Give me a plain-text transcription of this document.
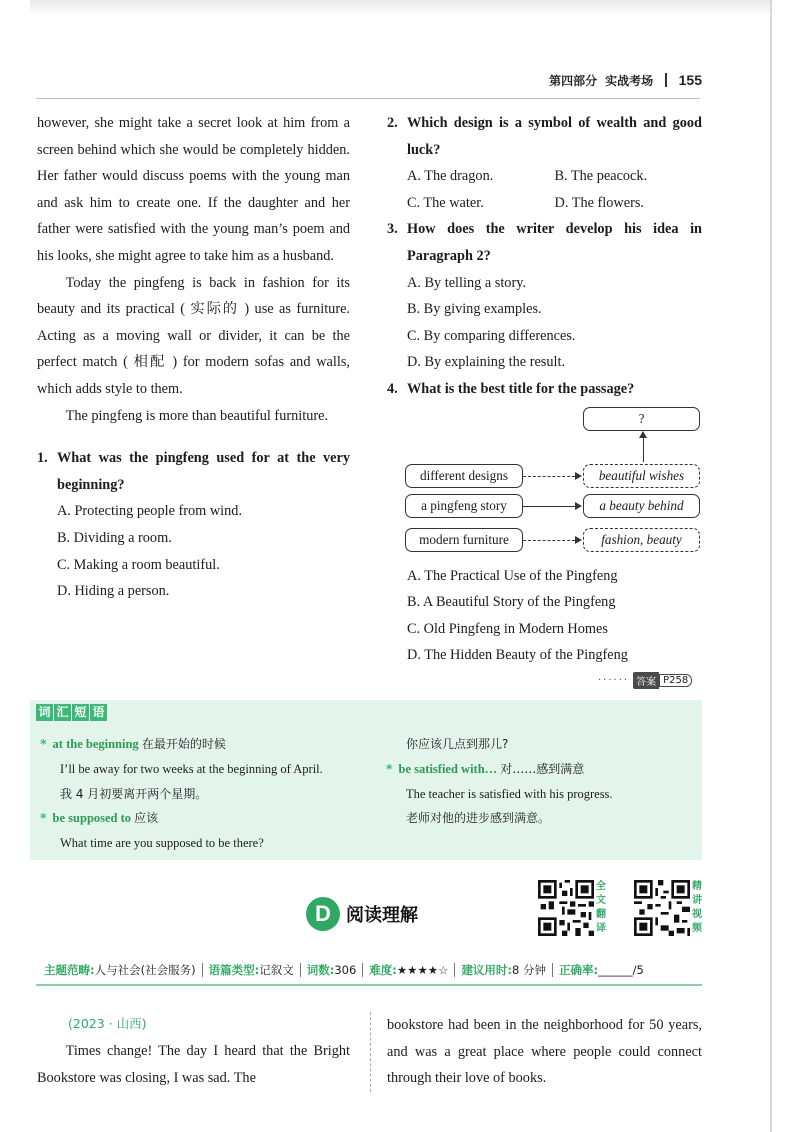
第四部分 实战考场 155

however, she might take a secret look at him from a screen behind which she would be completely hidden. Her father would discuss poems with the young man and ask him to create one. If the daughter and her father were satisfied with the young man’s poem and his looks, she might agree to take him as a husband.

Today the pingfeng is back in fashion for its beauty and its practical ( 实际的 ) use as furniture. Acting as a moving wall or divider, it can be the perfect match ( 相配 ) for modern sofas and walls, which adds style to them.

The pingfeng is more than beautiful furniture.

1. What was the pingfeng used for at the very beginning?

A. Protecting people from wind.

B. Dividing a room.

C. Making a room beautiful.

D. Hiding a person.

2. Which design is a symbol of wealth and good luck?

A. The dragon.	B. The peacock.
C. The water.	D. The flowers.

3. How does the writer develop his idea in Paragraph 2?

A. By telling a story.

B. By giving examples.

C. By comparing differences.

D. By explaining the result.

4. What is the best title for the passage?

?
different designs	beautiful wishes
a pingfeng story	a beauty behind
modern furniture	fashion, beauty

A. The Practical Use of the Pingfeng

B. A Beautiful Story of the Pingfeng

C. Old Pingfeng in Modern Homes

D. The Hidden Beauty of the Pingfeng

······ 答案 P258
词 汇 短 语
* at the beginning 在最开始的时候
I’ll be away for two weeks at the beginning of April.
我 4 月初要离开两个星期。
* be supposed to 应该
What time are you supposed to be there?
你应该几点到那儿?
* be satisfied with… 对……感到满意
The teacher is satisfied with his progress.
老师对他的进步感到满意。
D 阅读理解
全
文
翻
译
精
讲
视
频
主题范畴: 人与社会(社会服务) 语篇类型: 记叙文 词数: 306 难度: ★★★★☆ 建议用时: 8 分钟 正确率: ______/5
(2023 · 山西)

Times change! The day I heard that the Bright Bookstore was closing, I was sad. The

bookstore had been in the neighborhood for 50 years, and was a great place where people could connect through their love of books.
